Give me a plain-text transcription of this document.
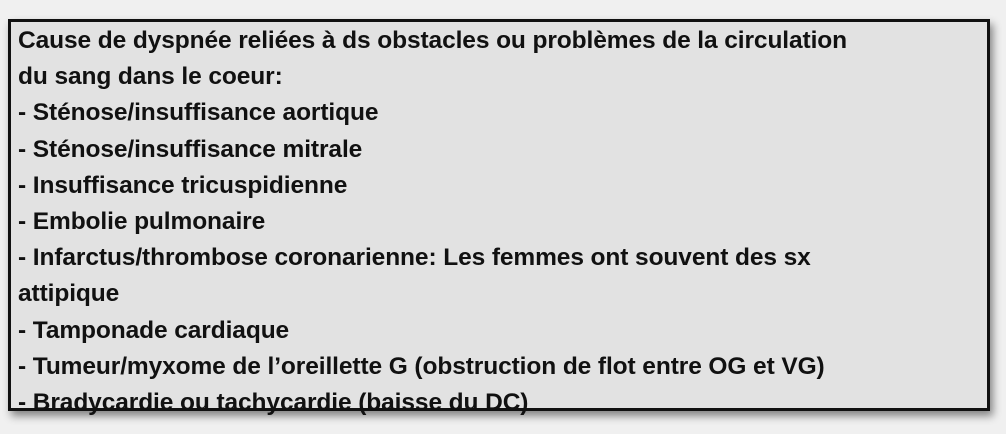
Cause de dyspnée reliées à ds obstacles ou problèmes de la circulation
du sang dans le coeur:
- Sténose/insuffisance aortique
- Sténose/insuffisance mitrale
- Insuffisance tricuspidienne
- Embolie pulmonaire
- Infarctus/thrombose coronarienne: Les femmes ont souvent des sx
attipique
- Tamponade cardiaque
- Tumeur/myxome de l’oreillette G (obstruction de flot entre OG et VG)
- Bradycardie ou tachycardie (baisse du DC)
